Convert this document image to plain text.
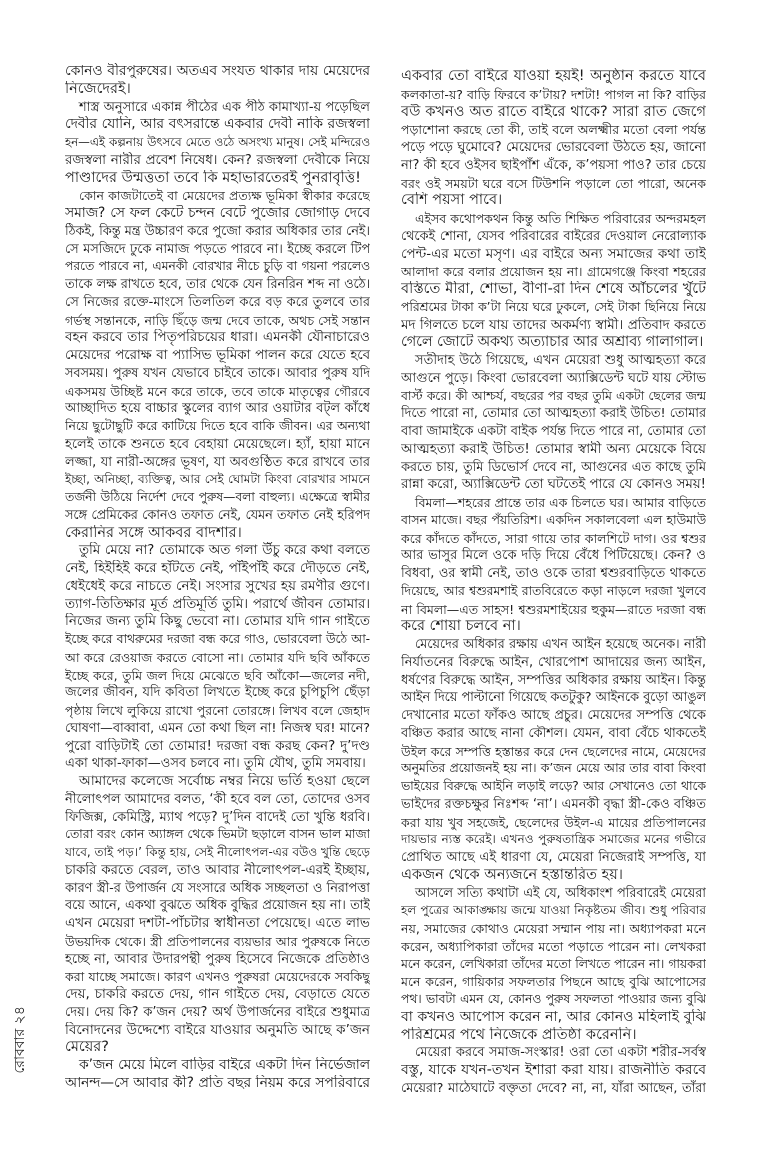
কোনও বীরপুরুষের। অতএব সংযত থাকার দায় মেয়েদের
নিজেদেরই।
শাস্ত্র অনুসারে একান্ন পীঠের এক পীঠ কামাখ্যা-য় পড়েছিল
দেবীর যোনি, আর বৎসরান্তে একবার দেবী নাকি রজস্বলা
হন—এই কল্পনায় উৎসবে মেতে ওঠে অসংখ্য মানুষ। সেই মন্দিরেও
রজস্বলা নারীর প্রবেশ নিষেধ। কেন? রজস্বলা দেবীকে নিয়ে
পাণ্ডাদের উন্মত্ততা তবে কি মহাভারতেরই পুনরাবৃত্তি!
কোন কাজটাতেই বা মেয়েদের প্রত্যক্ষ ভূমিকা স্বীকার করেছে
সমাজ? সে ফল কেটে চন্দন বেটে পুজোর জোগাড় দেবে
ঠিকই, কিন্তু মন্ত্র উচ্চারণ করে পুজো করার অধিকার তার নেই।
সে মসজিদে ঢুকে নামাজ পড়তে পারবে না। ইচ্ছে করলে টিপ
পরতে পারবে না, এমনকী বোরখার নীচে চুড়ি বা গয়না পরলেও
তাকে লক্ষ রাখতে হবে, তার থেকে যেন রিনরিন শব্দ না ওঠে।
সে নিজের রক্তে-মাংসে তিলতিল করে বড় করে তুলবে তার
গর্ভস্থ সন্তানকে, নাড়ি ছিঁড়ে জন্ম দেবে তাকে, অথচ সেই সন্তান
বহন করবে তার পিতৃপরিচয়ের ধারা। এমনকী যৌনাচারেও
মেয়েদের পরোক্ষ বা প্যাসিভ ভূমিকা পালন করে যেতে হবে
সবসময়। পুরুষ যখন যেভাবে চাইবে তাকে। আবার পুরুষ যদি
একসময় উচ্ছিষ্ট মনে করে তাকে, তবে তাকে মাতৃত্বের গৌরবে
আচ্ছাদিত হয়ে বাচ্চার স্কুলের ব্যাগ আর ওয়াটার বট্‌ল কাঁধে
নিয়ে ছুটোছুটি করে কাটিয়ে দিতে হবে বাকি জীবন। এর অন্যথা
হলেই তাকে শুনতে হবে বেহায়া মেয়েছেলে। হ্যাঁ, হায়া মানে
লজ্জা, যা নারী-অঙ্গের ভূষণ, যা অবগুণ্ঠিত করে রাখবে তার
ইচ্ছা, অনিচ্ছা, ব্যক্তিত্ব, আর সেই ঘোমটা কিংবা বোরখার সামনে
তর্জনী উঠিয়ে নির্দেশ দেবে পুরুষ—বলা বাহুল্য। এক্ষেত্রে স্বামীর
সঙ্গে প্রেমিকের কোনও তফাত নেই, যেমন তফাত নেই হরিপদ
কেরানির সঙ্গে আকবর বাদশার।
তুমি মেয়ে না? তোমাকে অত গলা উঁচু করে কথা বলতে
নেই, হিইহিই করে হাঁটতে নেই, পাঁইপাঁই করে দৌড়তে নেই,
ধেইধেই করে নাচতে নেই। সংসার সুখের হয় রমণীর গুণে।
ত্যাগ-তিতিক্ষার মূর্ত প্রতিমূর্তি তুমি। পরার্থে জীবন তোমার।
নিজের জন্য তুমি কিছু ভেবো না। তোমার যদি গান গাইতে
ইচ্ছে করে বাথরুমের দরজা বন্ধ করে গাও, ভোরবেলা উঠে আ-
আ করে রেওয়াজ করতে বোসো না। তোমার যদি ছবি আঁকতে
ইচ্ছে করে, তুমি জল দিয়ে মেঝেতে ছবি আঁকো—জলের নদী,
জলের জীবন, যদি কবিতা লিখতে ইচ্ছে করে চুপিচুপি ছেঁড়া
পৃষ্ঠায় লিখে লুকিয়ে রাখো পুরনো তোরঙ্গে। লিখব বলে জেহাদ
ঘোষণা—বাব্বাবা, এমন তো কথা ছিল না! নিজস্ব ঘর! মানে?
পুরো বাড়িটাই তো তোমার! দরজা বন্ধ করছ কেন? দু’দণ্ড
একা থাকা-ফাকা—ওসব চলবে না। তুমি যৌথ, তুমি সমবায়।
আমাদের কলেজে সর্বোচ্চ নম্বর নিয়ে ভর্তি হওয়া ছেলে
নীলোৎপল আমাদের বলত, ‘কী হবে বল তো, তোদের ওসব
ফিজিক্স, কেমিস্ট্রি, ম্যাথ পড়ে? দু’দিন বাদেই তো খুন্তি ধরবি।
তোরা বরং কোন অ্যাঙ্গল থেকে ভিমটা ছড়ালে বাসন ভাল মাজা
যাবে, তাই পড়।’ কিন্তু হায়, সেই নীলোৎপল-এর বউও খুন্তি ছেড়ে
চাকরি করতে বেরল, তাও আবার নীলোৎপল-এরই ইচ্ছায়,
কারণ স্ত্রী-র উপার্জন যে সংসারে অধিক সচ্ছলতা ও নিরাপত্তা
বয়ে আনে, একথা বুঝতে অধিক বুদ্ধির প্রয়োজন হয় না। তাই
এখন মেয়েরা দশটা-পাঁচটার স্বাধীনতা পেয়েছে। এতে লাভ
উভয়দিক থেকে। স্ত্রী প্রতিপালনের ব্যয়ভার আর পুরুষকে নিতে
হচ্ছে না, আবার উদারপন্থী পুরুষ হিসেবে নিজেকে প্রতিষ্ঠাও
করা যাচ্ছে সমাজে। কারণ এখনও পুরুষরা মেয়েদেরকে সবকিছু
দেয়, চাকরি করতে দেয়, গান গাইতে দেয়, বেড়াতে যেতে
দেয়। দেয় কি? ক’জন দেয়? অর্থ উপার্জনের বাইরে শুধুমাত্র
বিনোদনের উদ্দেশ্যে বাইরে যাওয়ার অনুমতি আছে ক’জন
মেয়ের?
ক’জন মেয়ে মিলে বাড়ির বাইরে একটা দিন নির্ভেজাল
আনন্দ—সে আবার কী? প্রতি বছর নিয়ম করে সপরিবারে
একবার তো বাইরে যাওয়া হয়ই! অনুষ্ঠান করতে যাবে
কলকাতা-য়? বাড়ি ফিরবে ক’টায়? দশটা! পাগল না কি? বাড়ির
বউ কখনও অত রাতে বাইরে থাকে? সারা রাত জেগে
পড়াশোনা করছে তো কী, তাই বলে অলক্ষ্মীর মতো বেলা পর্যন্ত
পড়ে পড়ে ঘুমোবে? মেয়েদের ভোরবেলা উঠতে হয়, জানো
না? কী হবে ওইসব ছাইপাঁশ এঁকে, ক’পয়সা পাও? তার চেয়ে
বরং ওই সময়টা ঘরে বসে টিউশনি পড়ালে তো পারো, অনেক
বেশি পয়সা পাবে।
এইসব কথোপকথন কিন্তু অতি শিক্ষিত পরিবারের অন্দরমহল
থেকেই শোনা, যেসব পরিবারের বাইরের দেওয়াল নেরোল্যাক
পেন্ট-এর মতো মসৃণ। এর বাইরে অন্য সমাজের কথা তাই
আলাদা করে বলার প্রয়োজন হয় না। গ্রামেগঞ্জে কিংবা শহরের
বস্তিতে মীরা, শোভা, বীণা-রা দিন শেষে আঁচলের খুঁটে
পরিশ্রমের টাকা ক’টা নিয়ে ঘরে ঢুকলে, সেই টাকা ছিনিয়ে নিয়ে
মদ গিলতে চলে যায় তাদের অকর্মণ্য স্বামী। প্রতিবাদ করতে
গেলে জোটে অকথ্য অত্যাচার আর অশ্রাব্য গালাগাল।
সতীদাহ উঠে গিয়েছে, এখন মেয়েরা শুধু আত্মহত্যা করে
আগুনে পুড়ে। কিংবা ভোরবেলা অ্যাক্সিডেন্ট ঘটে যায় স্টোভ
বার্স্ট করে। কী আশ্চর্য, বছরের পর বছর তুমি একটা ছেলের জন্ম
দিতে পারো না, তোমার তো আত্মহত্যা করাই উচিত! তোমার
বাবা জামাইকে একটা বাইক পর্যন্ত দিতে পারে না, তোমার তো
আত্মহত্যা করাই উচিত! তোমার স্বামী অন্য মেয়েকে বিয়ে
করতে চায়, তুমি ডিভোর্স দেবে না, আগুনের এত কাছে তুমি
রান্না করো, অ্যাক্সিডেন্ট তো ঘটতেই পারে যে কোনও সময়!
বিমলা—শহরের প্রান্তে তার এক চিলতে ঘর। আমার বাড়িতে
বাসন মাজে। বছর পঁয়তিরিশ। একদিন সকালবেলা এল হাউমাউ
করে কাঁদতে কাঁদতে, সারা গায়ে তার কালশিটে দাগ। ওর শ্বশুর
আর ভাসুর মিলে ওকে দড়ি দিয়ে বেঁধে পিটিয়েছে। কেন? ও
বিধবা, ওর স্বামী নেই, তাও ওকে তারা শ্বশুরবাড়িতে থাকতে
দিয়েছে, আর শ্বশুরমশাই রাতবিরেতে কড়া নাড়লে দরজা খুলবে
না বিমলা—এত সাহস! শ্বশুরমশাইয়ের হুকুম—রাতে দরজা বন্ধ
করে শোয়া চলবে না।
মেয়েদের অধিকার রক্ষায় এখন আইন হয়েছে অনেক। নারী
নির্যাতনের বিরুদ্ধে আইন, খোরপোশ আদায়ের জন্য আইন,
ধর্ষণের বিরুদ্ধে আইন, সম্পত্তির অধিকার রক্ষায় আইন। কিন্তু
আইন দিয়ে পাল্টানো গিয়েছে কতটুকু? আইনকে বুড়ো আঙুল
দেখানোর মতো ফাঁকও আছে প্রচুর। মেয়েদের সম্পত্তি থেকে
বঞ্চিত করার আছে নানা কৌশল। যেমন, বাবা বেঁচে থাকতেই
উইল করে সম্পত্তি হস্তান্তর করে দেন ছেলেদের নামে, মেয়েদের
অনুমতির প্রয়োজনই হয় না। ক’জন মেয়ে আর তার বাবা কিংবা
ভাইয়ের বিরুদ্ধে আইনি লড়াই লড়ে? আর সেখানেও তো থাকে
ভাইদের রক্তচক্ষুর নিঃশব্দ ‘না’। এমনকী বৃদ্ধা স্ত্রী-কেও বঞ্চিত
করা যায় খুব সহজেই, ছেলেদের উইল-এ মায়ের প্রতিপালনের
দায়ভার ন্যস্ত করেই। এখনও পুরুষতান্ত্রিক সমাজের মনের গভীরে
প্রোথিত আছে এই ধারণা যে, মেয়েরা নিজেরাই সম্পত্তি, যা
একজন থেকে অন্যজনে হস্তান্তরিত হয়।
আসলে সত্যি কথাটা এই যে, অধিকাংশ পরিবারেই মেয়েরা
হল পুত্রের আকাঙ্ক্ষায় জন্মে যাওয়া নিকৃষ্টতম জীব। শুধু পরিবার
নয়, সমাজের কোথাও মেয়েরা সম্মান পায় না। অধ্যাপকরা মনে
করেন, অধ্যাপিকারা তাঁদের মতো পড়াতে পারেন না। লেখকরা
মনে করেন, লেখিকারা তাঁদের মতো লিখতে পারেন না। গায়করা
মনে করেন, গায়িকার সফলতার পিছনে আছে বুঝি আপোসের
পথ। ভাবটা এমন যে, কোনও পুরুষ সফলতা পাওয়ার জন্য বুঝি
বা কখনও আপোস করেন না, আর কোনও মহিলাই বুঝি
পরিশ্রমের পথে নিজেকে প্রতিষ্ঠা করেননি।
মেয়েরা করবে সমাজ-সংস্কার! ওরা তো একটা শরীর-সর্বস্ব
বস্তু, যাকে যখন-তখন ইশারা করা যায়। রাজনীতি করবে
মেয়েরা? মাঠেঘাটে বক্তৃতা দেবে? না, না, যাঁরা আছেন, তাঁরা
রোববার ২৪
